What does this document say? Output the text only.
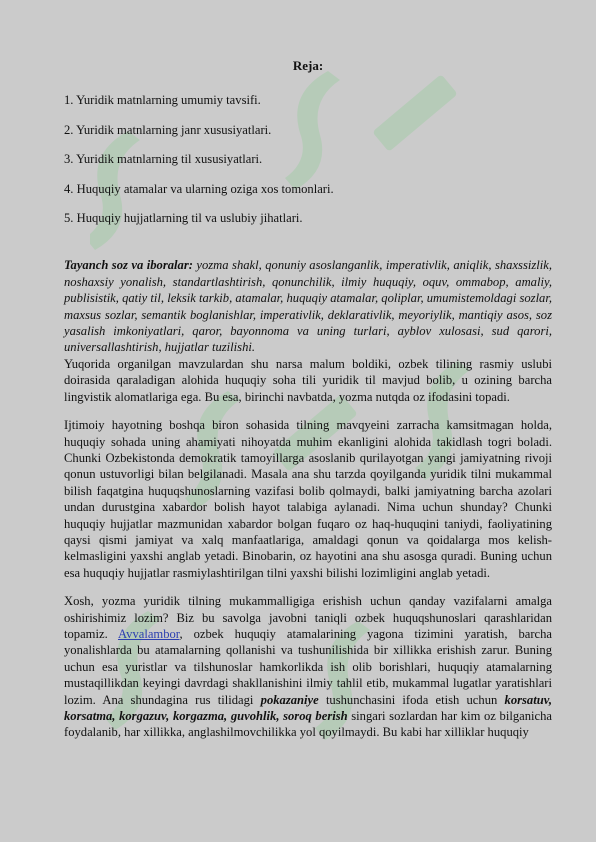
Reja:
1. Yuridik matnlarning umumiy tavsifi.
2. Yuridik matnlarning janr xususiyatlari.
3. Yuridik matnlarning til xususiyatlari.
4. Huquqiy atamalar va ularning oziga xos tomonlari.
5. Huquqiy hujjatlarning til va uslubiy jihatlari.

Tayanch soz va iboralar: yozma shakl, qonuniy asoslanganlik, imperativlik, aniqlik, shaxssizlik, noshaxsiy yonalish, standartlashtirish, qonunchilik, ilmiy huquqiy, oquv, ommabop, amaliy, publisistik, qatiy til, leksik tarkib, atamalar, huquqiy atamalar, qoliplar, umumistemoldagi sozlar, maxsus sozlar, semantik boglanishlar, imperativlik, deklarativlik, meyoriylik, mantiqiy asos, soz yasalish imkoniyatlari, qaror, bayonnoma va uning turlari, ayblov xulosasi, sud qarori, universallashtirish, hujjatlar tuzilishi.

Yuqorida organilgan mavzulardan shu narsa malum boldiki, ozbek tilining rasmiy uslubi doirasida qaraladigan alohida huquqiy soha tili yuridik til mavjud bolib, u ozining barcha lingvistik alomatlariga ega. Bu esa, birinchi navbatda, yozma nutqda oz ifodasini topadi.

Ijtimoiy hayotning boshqa biron sohasida tilning mavqyeini zarracha kamsitmagan holda, huquqiy sohada uning ahamiyati nihoyatda muhim ekanligini alohida takidlash togri boladi. Chunki Ozbekistonda demokratik tamoyillarga asoslanib qurilayotgan yangi jamiyatning rivoji qonun ustuvorligi bilan belgilanadi. Masala ana shu tarzda qoyilganda yuridik tilni mukammal bilish faqatgina huquqshunoslarning vazifasi bolib qolmaydi, balki jamiyatning barcha azolari undan durustgina xabardor bolish hayot talabiga aylanadi. Nima uchun shunday? Chunki huquqiy hujjatlar mazmunidan xabardor bolgan fuqaro oz haq-huquqini taniydi, faoliyatining qaysi qismi jamiyat va xalq manfaatlariga, amaldagi qonun va qoidalarga mos kelish-kelmasligini yaxshi anglab yetadi. Binobarin, oz hayotini ana shu asosga quradi. Buning uchun esa huquqiy hujjatlar rasmiylashtirilgan tilni yaxshi bilishi lozimligini anglab yetadi.

Xosh, yozma yuridik tilning mukammalligiga erishish uchun qanday vazifalarni amalga oshirishimiz lozim? Biz bu savolga javobni taniqli ozbek huquqshunoslari qarashlaridan topamiz. Avvalambor, ozbek huquqiy atamalarining yagona tizimini yaratish, barcha yonalishlarda bu atamalarning qollanishi va tushunilishida bir xillikka erishish zarur. Buning uchun esa yuristlar va tilshunoslar hamkorlikda ish olib borishlari, huquqiy atamalarning mustaqillikdan keyingi davrdagi shakllanishini ilmiy tahlil etib, mukammal lugatlar yaratishlari lozim. Ana shundagina rus tilidagi pokazaniye tushunchasini ifoda etish uchun korsatuv, korsatma, korgazuv, korgazma, guvohlik, soroq berish singari sozlardan har kim oz bilganicha foydalanib, har xillikka, anglashilmovchilikka yol qoyilmaydi. Bu kabi har xilliklar huquqiy
